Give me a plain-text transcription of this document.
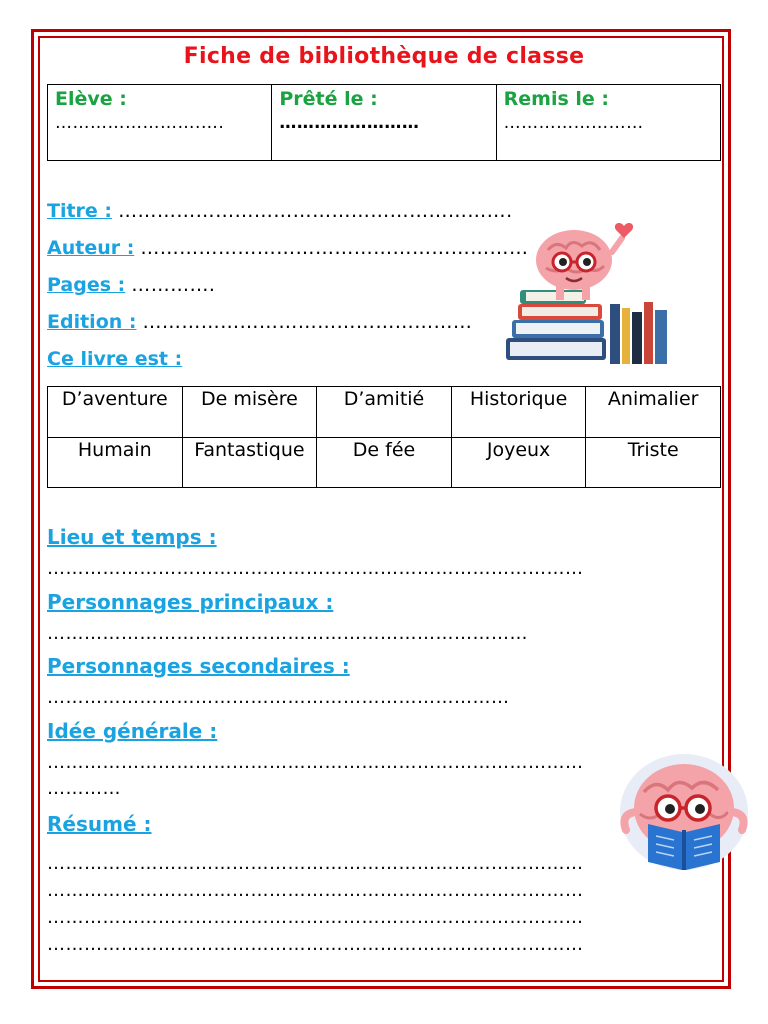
Fiche de bibliothèque de classe
Elève :
…………………….….

Prêté le :
……………………

Remis le :
……………………
Titre : …………………………………………………….
Auteur : ……………………………………………………
Pages : ………….
Edition : ……………………………………………
Ce livre est :
D’aventure	De misère	D’amitié	Historique	Animalier
Humain	Fantastique	De fée	Joyeux	Triste
Lieu et temps :
……………………………………………………………………………
Personnages principaux :
……………………………………………………………………
Personnages secondaires :
…………………………………………………………………
Idée générale :
……………………………………………………………………………
…………
Résumé :
……………………………………………………………………………
……………………………………………………………………………
……………………………………………………………………………
……………………………………………………………………………
